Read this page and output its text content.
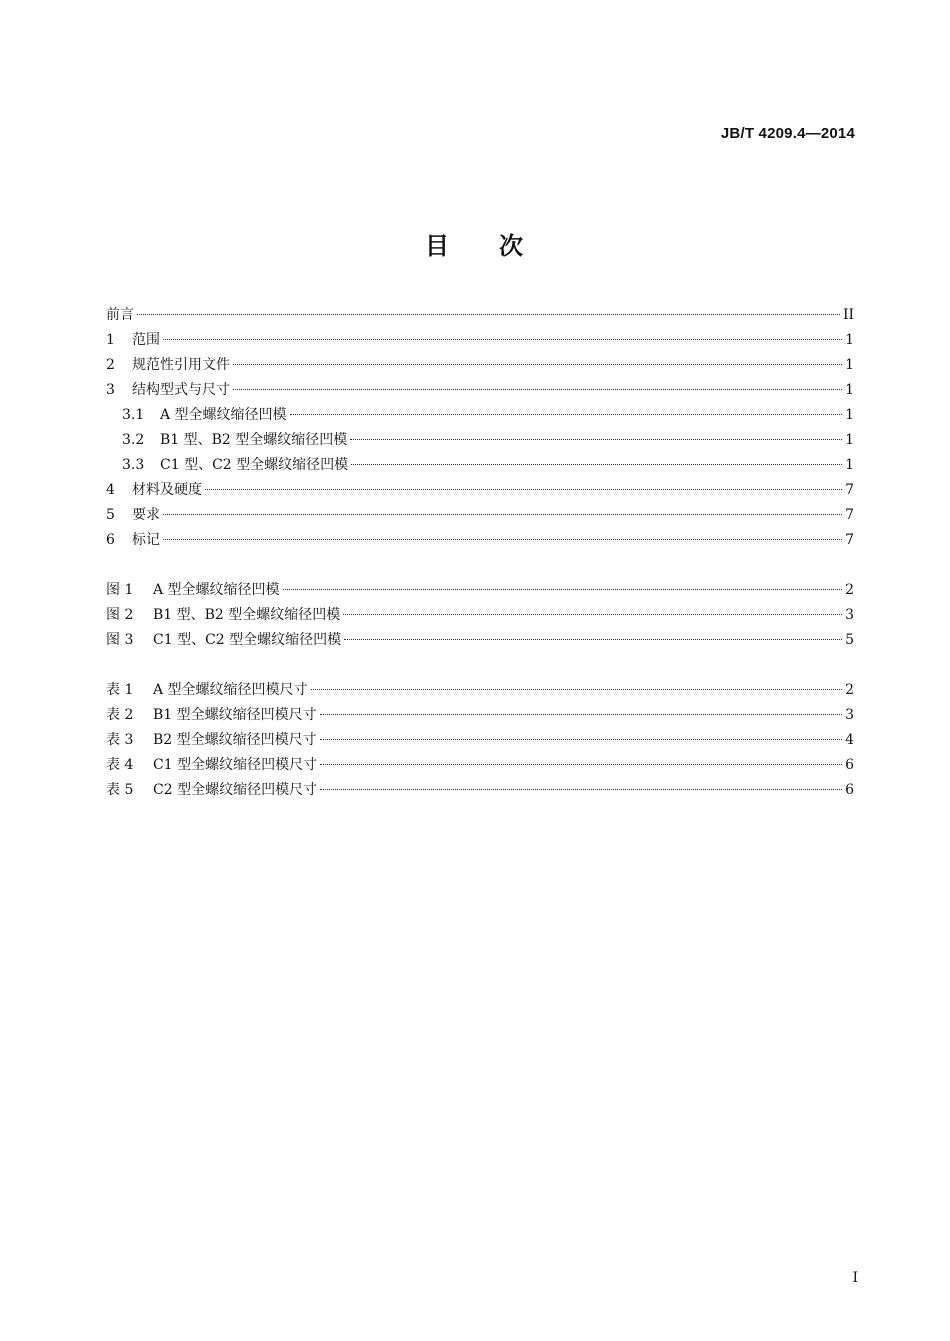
JB/T 4209.4—2014
目 次
前言	II
1	范围	1
2	规范性引用文件	1
3	结构型式与尺寸	1
3.1	A 型全螺纹缩径凹模	1
3.2	B1 型、B2 型全螺纹缩径凹模	1
3.3	C1 型、C2 型全螺纹缩径凹模	1
4	材料及硬度	7
5	要求	7
6	标记	7
图 1	A 型全螺纹缩径凹模	2
图 2	B1 型、B2 型全螺纹缩径凹模	3
图 3	C1 型、C2 型全螺纹缩径凹模	5
表 1	A 型全螺纹缩径凹模尺寸	2
表 2	B1 型全螺纹缩径凹模尺寸	3
表 3	B2 型全螺纹缩径凹模尺寸	4
表 4	C1 型全螺纹缩径凹模尺寸	6
表 5	C2 型全螺纹缩径凹模尺寸	6
I
